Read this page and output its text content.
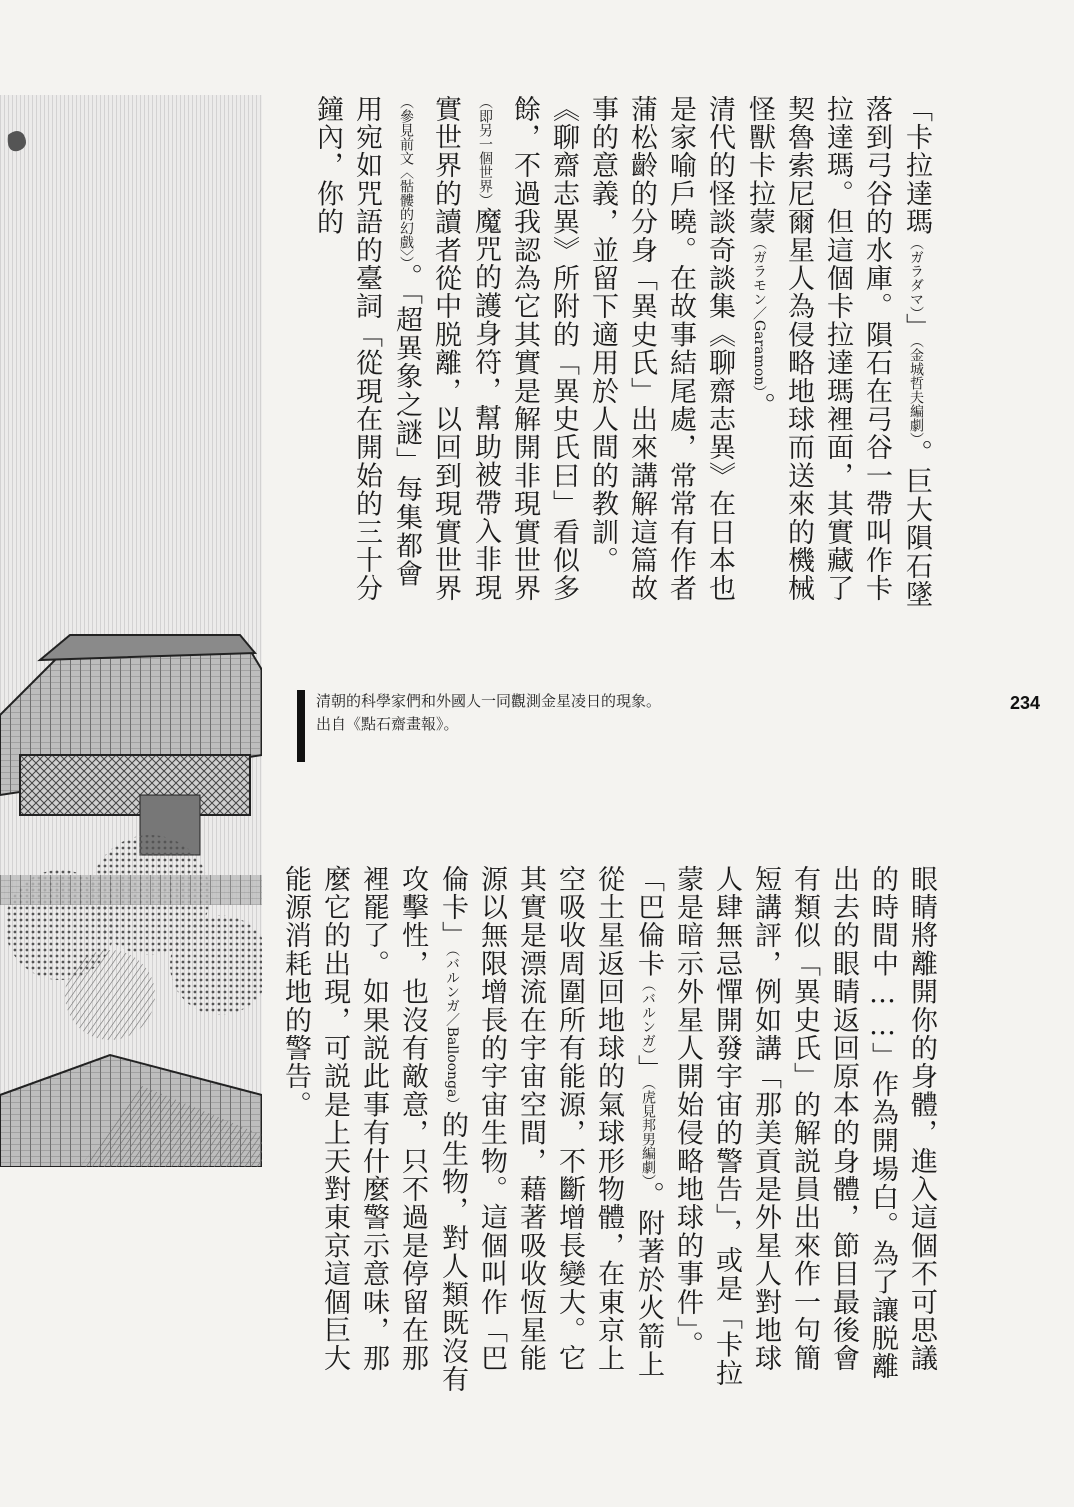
「卡拉達瑪（ガラダマ）」（金城哲夫編劇）。巨大隕石墜落到弓谷的水庫。隕石在弓谷一帶叫作卡拉達瑪。但這個卡拉達瑪裡面，其實藏了契魯索尼爾星人為侵略地球而送來的機械怪獸卡拉蒙（ガラモン／Garamon）。
清代的怪談奇談集《聊齋志異》在日本也是家喻戶曉。在故事結尾處，常常有作者蒲松齡的分身「異史氏」出來講解這篇故事的意義，並留下適用於人間的教訓。《聊齋志異》所附的「異史氏曰」看似多餘，不過我認為它其實是解開非現實世界（即另一個世界）魔咒的護身符，幫助被帶入非現實世界的讀者從中脱離，以回到現實世界（參見前文〈骷髏的幻戲〉）。「超異象之謎」每集都會用宛如咒語的臺詞「從現在開始的三十分鐘內，你的

清朝的科學家們和外國人一同觀測金星凌日的現象。
出自《點石齋畫報》。
234

眼睛將離開你的身體，進入這個不可思議的時間中……」作為開場白。為了讓脱離出去的眼睛返回原本的身體，節目最後會有類似「異史氏」的解説員出來作一句簡短講評，例如講「那美貢是外星人對地球人肆無忌憚開發宇宙的警告」，或是「卡拉蒙是暗示外星人開始侵略地球的事件」。
「巴倫卡（バルンガ）」（虎見邦男編劇）。附著於火箭上從土星返回地球的氣球形物體，在東京上空吸收周圍所有能源，不斷增長變大。它其實是漂流在宇宙空間，藉著吸收恆星能源以無限增長的宇宙生物。這個叫作「巴倫卡」（バルンガ／Balloonga）的生物，對人類既沒有攻擊性，也沒有敵意，只不過是停留在那裡罷了。如果説此事有什麼警示意味，那麼它的出現，可説是上天對東京這個巨大能源消耗地的警告。
